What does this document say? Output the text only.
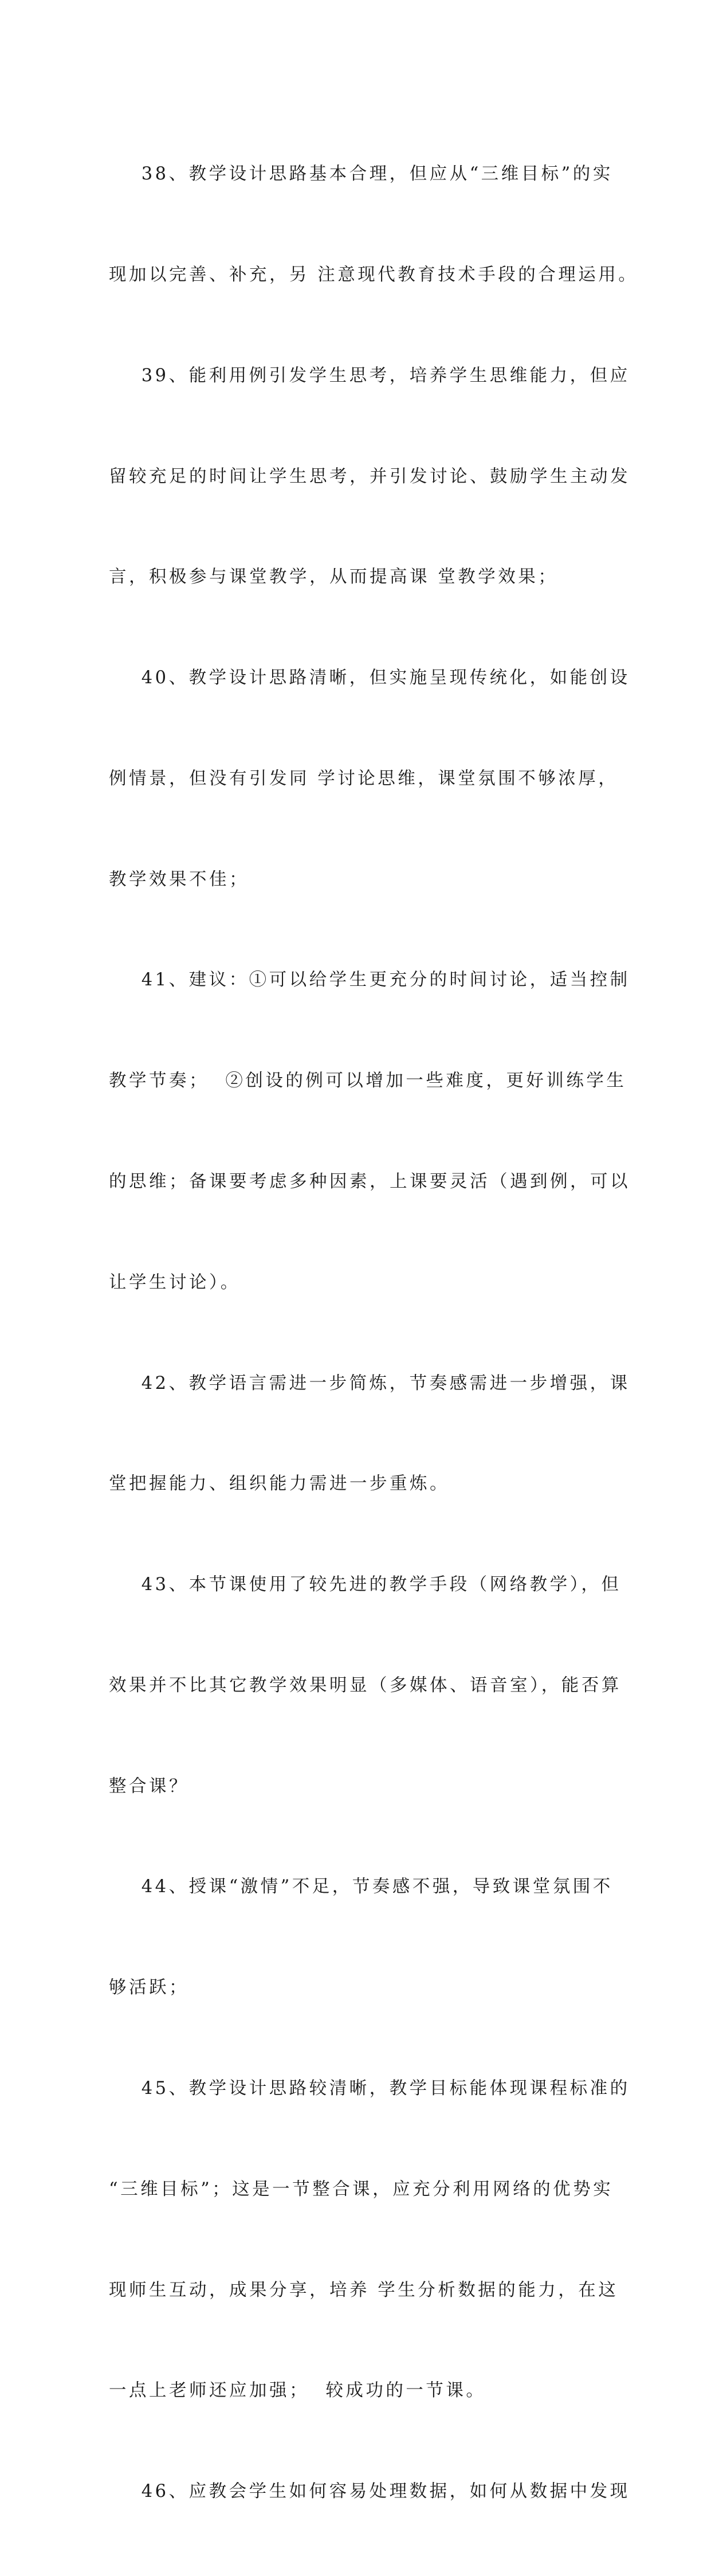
38、教学设计思路基本合理，但应从“三维目标”的实

现加以完善、补充，另 注意现代教育技术手段的合理运用。

39、能利用例引发学生思考，培养学生思维能力，但应

留较充足的时间让学生思考，并引发讨论、鼓励学生主动发

言，积极参与课堂教学，从而提高课 堂教学效果；

40、教学设计思路清晰，但实施呈现传统化，如能创设

例情景，但没有引发同 学讨论思维，课堂氛围不够浓厚，

教学效果不佳；

41、建议：①可以给学生更充分的时间讨论，适当控制

教学节奏；  ②创设的例可以增加一些难度，更好训练学生

的思维；备课要考虑多种因素，上课要灵活（遇到例，可以

让学生讨论）。

42、教学语言需进一步简炼，节奏感需进一步增强，课

堂把握能力、组织能力需进一步重炼。

43、本节课使用了较先进的教学手段（网络教学），但

效果并不比其它教学效果明显（多媒体、语音室），能否算

整合课？

44、授课“激情”不足，节奏感不强，导致课堂氛围不

够活跃；

45、教学设计思路较清晰，教学目标能体现课程标准的

“三维目标”；这是一节整合课，应充分利用网络的优势实

现师生互动，成果分享，培养 学生分析数据的能力，在这

一点上老师还应加强；  较成功的一节课。

46、应教会学生如何容易处理数据，如何从数据中发现
